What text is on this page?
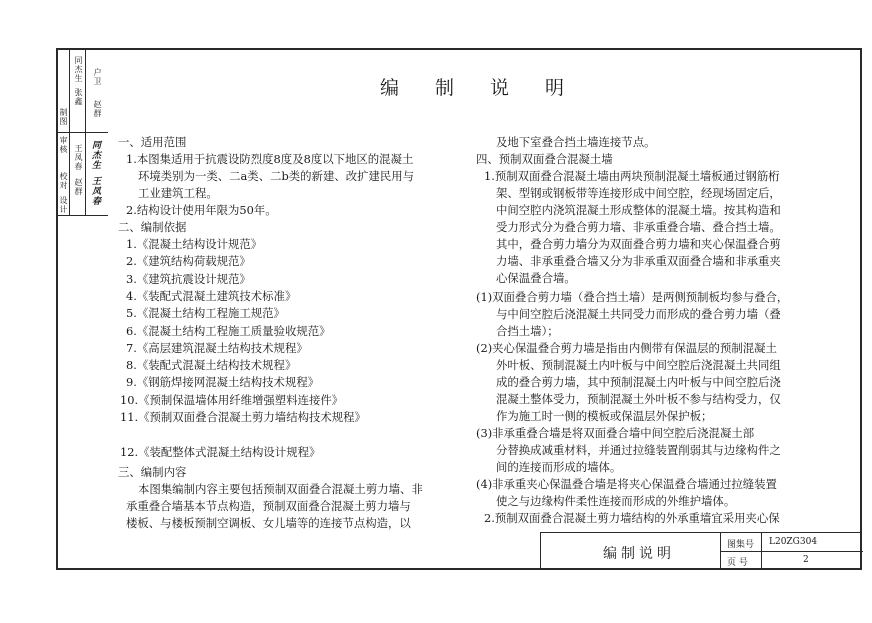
校对
设计
审核
制图
同杰生
张鑫
王凤春
赵群
同杰生
王凤春
户卫
赵群
编 制 说 明
一、适用范围
1.本图集适用于抗震设防烈度8度及8度以下地区的混凝土
环境类别为一类、二a类、二b类的新建、改扩建民用与
工业建筑工程。
2.结构设计使用年限为50年。
二、编制依据
1.《混凝土结构设计规范》
2.《建筑结构荷载规范》
3.《建筑抗震设计规范》
4.《装配式混凝土建筑技术标准》
5.《混凝土结构工程施工规范》
6.《混凝土结构工程施工质量验收规范》
7.《高层建筑混凝土结构技术规程》
8.《装配式混凝土结构技术规程》
9.《钢筋焊接网混凝土结构技术规程》
10.《预制保温墙体用纤维增强塑料连接件》
11.《预制双面叠合混凝土剪力墙结构技术规程》
12.《装配整体式混凝土结构设计规程》
三、编制内容
本图集编制内容主要包括预制双面叠合混凝土剪力墙、非
承重叠合墙基本节点构造，预制双面叠合混凝土剪力墙与
楼板、与楼板预制空调板、女儿墙等的连接节点构造，以
及地下室叠合挡土墙连接节点。
四、预制双面叠合混凝土墙
1.预制双面叠合混凝土墙由两块预制混凝土墙板通过钢筋桁
架、型钢或钢板带等连接形成中间空腔，经现场固定后，
中间空腔内浇筑混凝土形成整体的混凝土墙。按其构造和
受力形式分为叠合剪力墙、非承重叠合墙、叠合挡土墙。
其中，叠合剪力墙分为双面叠合剪力墙和夹心保温叠合剪
力墙、非承重叠合墙又分为非承重双面叠合墙和非承重夹
心保温叠合墙。
(1)双面叠合剪力墙（叠合挡土墙）是两侧预制板均参与叠合，
与中间空腔后浇混凝土共同受力而形成的叠合剪力墙（叠
合挡土墙）；
(2)夹心保温叠合剪力墙是指由内侧带有保温层的预制混凝土
外叶板、预制混凝土内叶板与中间空腔后浇混凝土共同组
成的叠合剪力墙，其中预制混凝土内叶板与中间空腔后浇
混凝土整体受力，预制混凝土外叶板不参与结构受力，仅
作为施工时一侧的模板或保温层外保护板；
(3)非承重叠合墙是将双面叠合墙中间空腔后浇混凝土部
分替换成减重材料，并通过拉缝装置削弱其与边缘构件之
间的连接而形成的墙体。
(4)非承重夹心保温叠合墙是将夹心保温叠合墙通过拉缝装置
使之与边缘构件柔性连接而形成的外维护墙体。
2.预制双面叠合混凝土剪力墙结构的外承重墙宜采用夹心保
编制说明
图集号 L20ZG304
页 号	2
